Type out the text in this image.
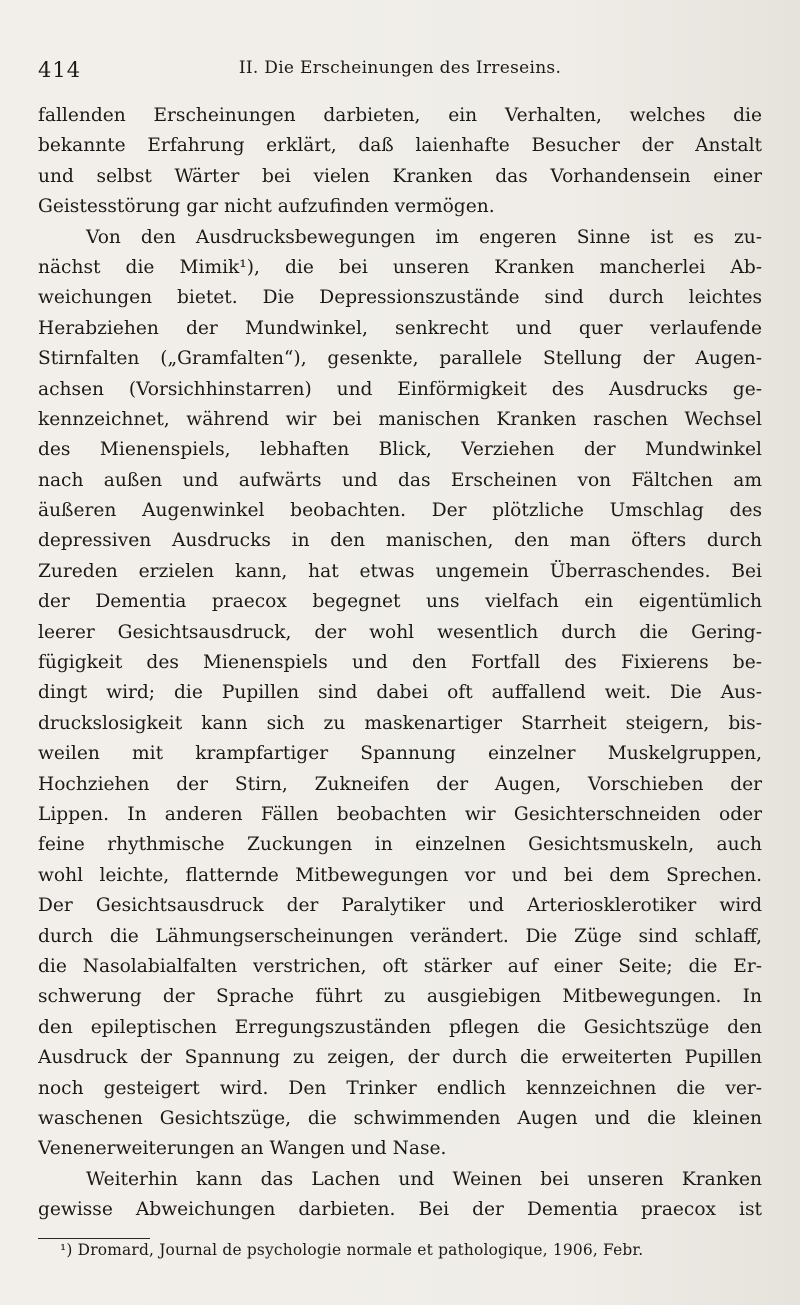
414	II. Die Erscheinungen des Irreseins.
fallenden Erscheinungen darbieten, ein Verhalten, welches die
bekannte Erfahrung erklärt, daß laienhafte Besucher der Anstalt
und selbst Wärter bei vielen Kranken das Vorhandensein einer
Geistesstörung gar nicht aufzufinden vermögen.
Von den Ausdrucksbewegungen im engeren Sinne ist es zu-
nächst die Mimik¹), die bei unseren Kranken mancherlei Ab-
weichungen bietet. Die Depressionszustände sind durch leichtes
Herabziehen der Mundwinkel, senkrecht und quer verlaufende
Stirnfalten („Gramfalten“), gesenkte, parallele Stellung der Augen-
achsen (Vorsichhinstarren) und Einförmigkeit des Ausdrucks ge-
kennzeichnet, während wir bei manischen Kranken raschen Wechsel
des Mienenspiels, lebhaften Blick, Verziehen der Mundwinkel
nach außen und aufwärts und das Erscheinen von Fältchen am
äußeren Augenwinkel beobachten. Der plötzliche Umschlag des
depressiven Ausdrucks in den manischen, den man öfters durch
Zureden erzielen kann, hat etwas ungemein Überraschendes. Bei
der Dementia praecox begegnet uns vielfach ein eigentümlich
leerer Gesichtsausdruck, der wohl wesentlich durch die Gering-
fügigkeit des Mienenspiels und den Fortfall des Fixierens be-
dingt wird; die Pupillen sind dabei oft auffallend weit. Die Aus-
druckslosigkeit kann sich zu maskenartiger Starrheit steigern, bis-
weilen mit krampfartiger Spannung einzelner Muskelgruppen,
Hochziehen der Stirn, Zukneifen der Augen, Vorschieben der
Lippen. In anderen Fällen beobachten wir Gesichterschneiden oder
feine rhythmische Zuckungen in einzelnen Gesichtsmuskeln, auch
wohl leichte, flatternde Mitbewegungen vor und bei dem Sprechen.
Der Gesichtsausdruck der Paralytiker und Arteriosklerotiker wird
durch die Lähmungserscheinungen verändert. Die Züge sind schlaff,
die Nasolabialfalten verstrichen, oft stärker auf einer Seite; die Er-
schwerung der Sprache führt zu ausgiebigen Mitbewegungen. In
den epileptischen Erregungszuständen pflegen die Gesichtszüge den
Ausdruck der Spannung zu zeigen, der durch die erweiterten Pupillen
noch gesteigert wird. Den Trinker endlich kennzeichnen die ver-
waschenen Gesichtszüge, die schwimmenden Augen und die kleinen
Venenerweiterungen an Wangen und Nase.
Weiterhin kann das Lachen und Weinen bei unseren Kranken
gewisse Abweichungen darbieten. Bei der Dementia praecox ist
¹) Dromard, Journal de psychologie normale et pathologique, 1906, Febr.
